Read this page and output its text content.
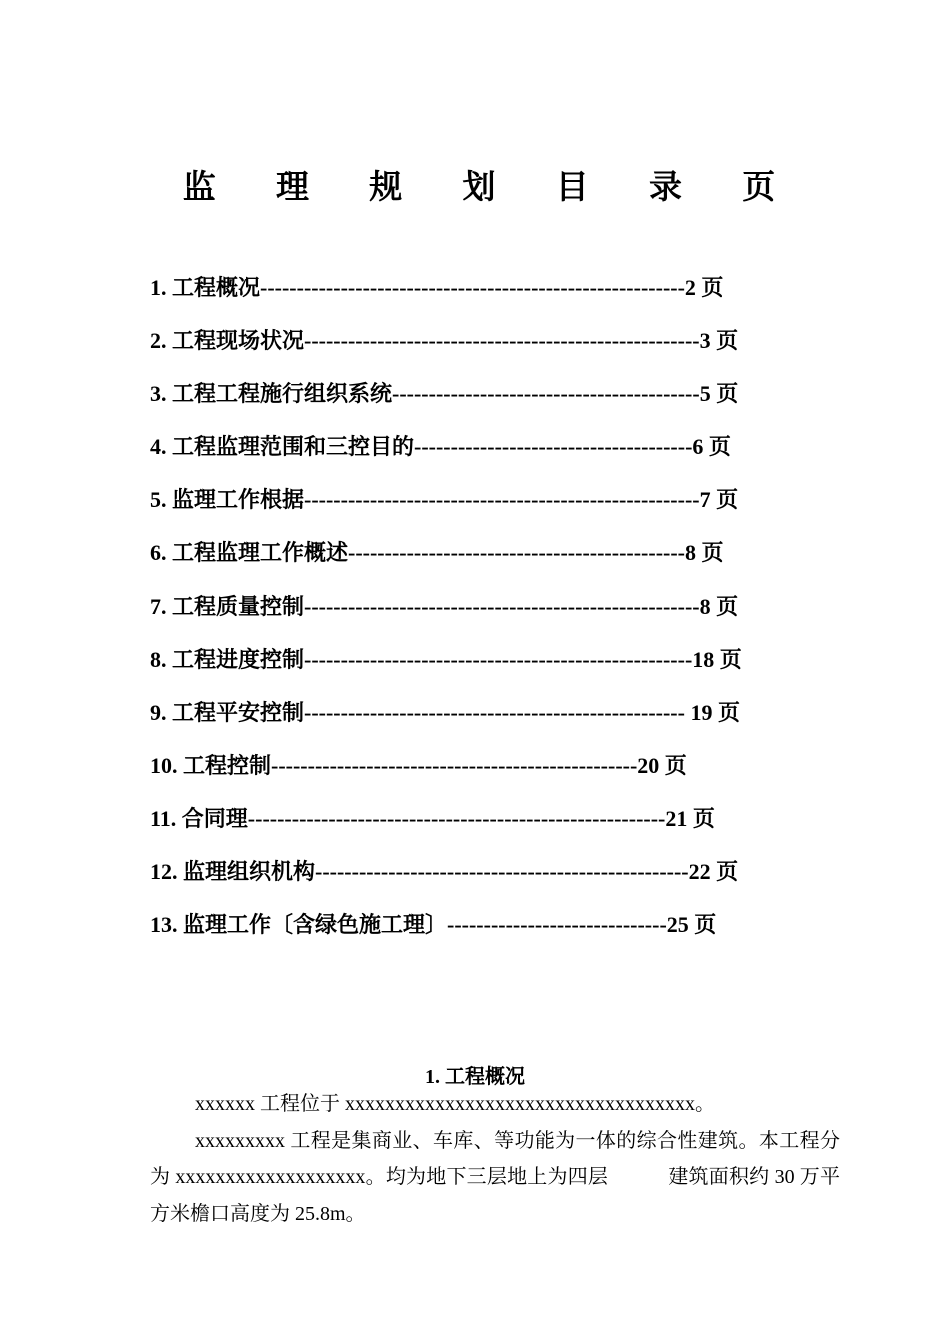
监 理 规 划 目 录 页
1. 工程概况----------------------------------------------------------2 页
2. 工程现场状况------------------------------------------------------3 页
3. 工程工程施行组织系统------------------------------------------5 页
4. 工程监理范围和三控目的--------------------------------------6 页
5. 监理工作根据------------------------------------------------------7 页
6. 工程监理工作概述----------------------------------------------8 页
7. 工程质量控制------------------------------------------------------8 页
8. 工程进度控制-----------------------------------------------------18 页
9. 工程平安控制---------------------------------------------------- 19 页
10. 工程控制--------------------------------------------------20 页
11. 合同理---------------------------------------------------------21 页
12. 监理组织机构---------------------------------------------------22 页
13. 监理工作〔含绿色施工理〕------------------------------25 页
1. 工程概况

xxxxxx 工程位于 xxxxxxxxxxxxxxxxxxxxxxxxxxxxxxxxxxx。

xxxxxxxxx 工程是集商业、车库、等功能为一体的综合性建筑。本工程分为 xxxxxxxxxxxxxxxxxxx。均为地下三层地上为四层	建筑面积约 30 万平方米檐口高度为 25.8m。
